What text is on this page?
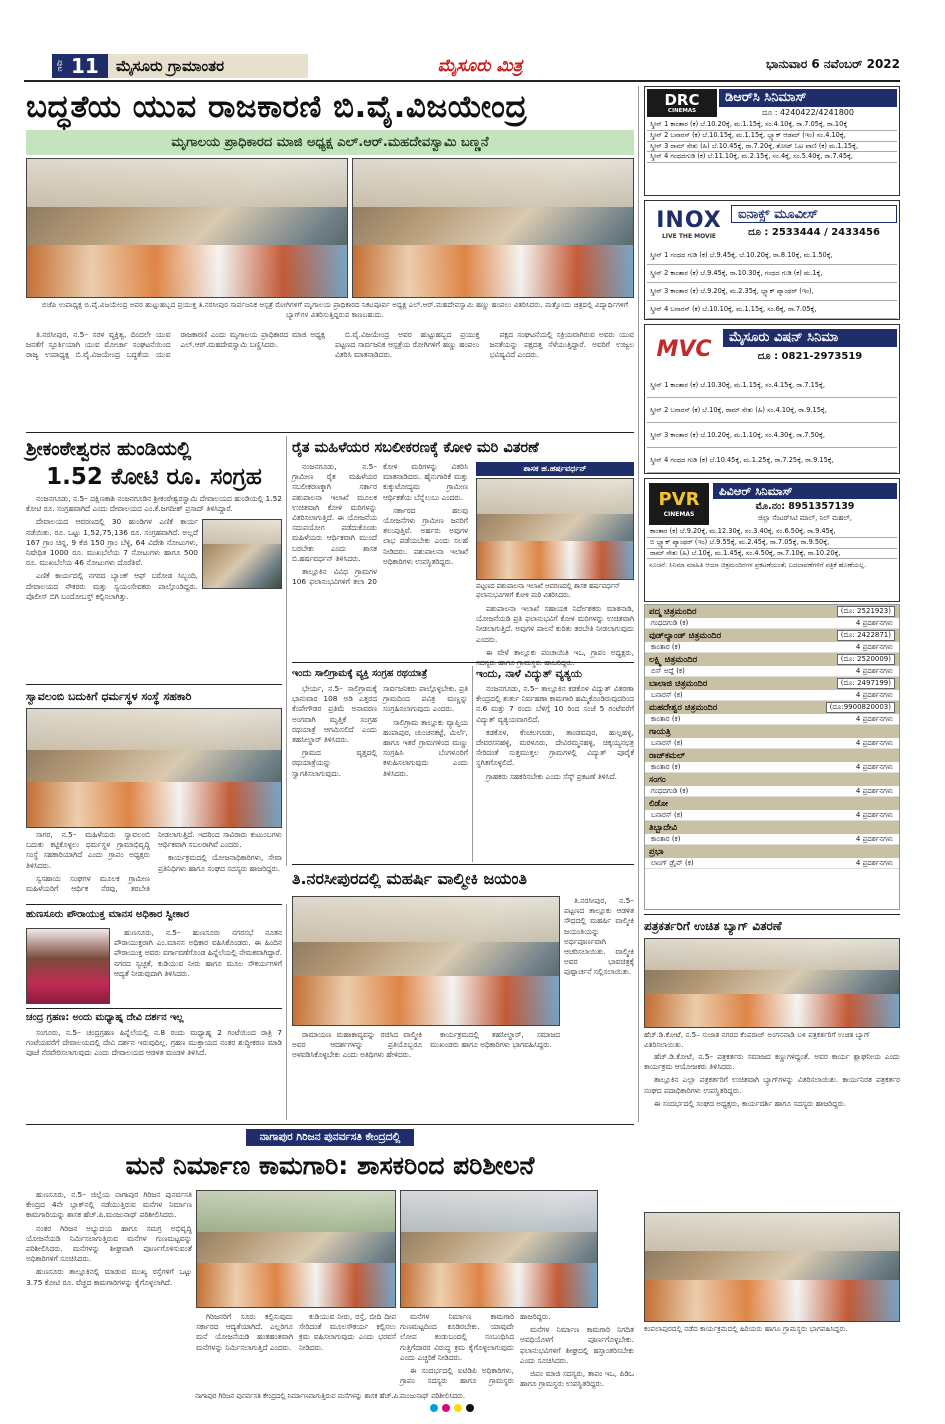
ಪುಟ 11 ಮೈಸೂರು ಗ್ರಾಮಾಂತರ	ಮೈಸೂರು ಮಿತ್ರ	ಭಾನುವಾರ 6 ನವೆಂಬರ್ 2022
ಬದ್ಧತೆಯ ಯುವ ರಾಜಕಾರಣಿ ಬಿ.ವೈ.ವಿಜಯೇಂದ್ರ
ಮೃಗಾಲಯ ಪ್ರಾಧಿಕಾರದ ಮಾಜಿ ಅಧ್ಯಕ್ಷ ಎಲ್.ಆರ್.ಮಹದೇವಸ್ವಾಮಿ ಬಣ್ಣನೆ
ಬಿಜೆಪಿ ಉಪಾಧ್ಯಕ್ಷ ಬಿ.ವೈ.ವಿಜಯೇಂದ್ರ ಅವರ ಹುಟ್ಟುಹಬ್ಬದ ಪ್ರಯುಕ್ತ ತಿ.ನರಸೀಪುರ ಸಾರ್ವಜನಿಕ ಆಸ್ಪತ್ರೆ ರೋಗಿಗಳಿಗೆ ಮೃಗಾಲಯ ಪ್ರಾಧಿಕಾರದ ನಿಕಟಪೂರ್ವ ಅಧ್ಯಕ್ಷ ಎಲ್.ಆರ್.ಮಹದೇವಸ್ವಾಮಿ ಹಣ್ಣು ಹಂಪಲು ವಿತರಿಸಿದರು. ಮತ್ತೊಂದು ಚಿತ್ರದಲ್ಲಿ ವಿದ್ಯಾರ್ಥಿಗಳಿಗೆ ಬ್ಯಾಗ್‌ಗಳ ವಿತರಿಸುತ್ತಿದ್ದರುವ ಕಾಣಬಹುದು.

ತಿ.ನರಸೀಪುರ, ನ.5– ಸರಳ ವ್ಯಕ್ತಿತ್ವ, ದಿಂದಲೇ ಯುವ ಜನತೆಗೆ ಸ್ಫೂರ್ತಿಯಾಗಿ ಯುವ ಮೋರ್ಚಾ ಸಂಘಟನೆಯಿಂದ ರಾಜ್ಯ ಉಪಾಧ್ಯಕ್ಷ ಬಿ.ವೈ.ವಿಜಯೇಂದ್ರ ಬದ್ಧತೆಯ ಯುವ ರಾಜಕಾರಣಿ ಎಂದು ಮೃಗಾಲಯ ಪ್ರಾಧಿಕಾರದ ಮಾಜಿ ಅಧ್ಯಕ್ಷ ಎಲ್.ಆರ್.ಮಹದೇವಸ್ವಾಮಿ ಬಣ್ಣಿಸಿದರು.

ಬಿ.ವೈ.ವಿಜಯೇಂದ್ರ ಅವರ ಹುಟ್ಟುಹಬ್ಬದ ಪ್ರಯುಕ್ತ ಪಟ್ಟಣದ ಸಾರ್ವಜನಿಕ ಆಸ್ಪತ್ರೆಯ ರೋಗಿಗಳಿಗೆ ಹಣ್ಣು ಹಂಪಲು ವಿತರಿಸಿ ಮಾತನಾಡಿದರು.

ಪಕ್ಷದ ಸಂಘಟನೆಯಲ್ಲಿ ಸಕ್ರಿಯವಾಗಿರುವ ಅವರು ಯುವ ಜನತೆಯನ್ನು ಪಕ್ಷದತ್ತ ಸೆಳೆಯುತ್ತಿದ್ದಾರೆ. ಅವರಿಗೆ ಉಜ್ವಲ ಭವಿಷ್ಯವಿದೆ ಎಂದರು.

ಶ್ರೀಕಂಠೇಶ್ವರನ ಹುಂಡಿಯಲ್ಲಿ
1.52 ಕೋಟಿ ರೂ. ಸಂಗ್ರಹ

ನಂಜನಗೂಡು, ನ.5– ದಕ್ಷಿಣಕಾಶಿ ನಂಜನಗೂಡಿನ ಶ್ರೀಕಂಠೇಶ್ವರಸ್ವಾಮಿ ದೇವಾಲಯದ ಹುಂಡಿಯಲ್ಲಿ 1.52 ಕೋಟಿ ರೂ. ಸಂಗ್ರಹವಾಗಿದೆ ಎಂದು ದೇವಾಲಯದ ಎಂ.ಕೆ.ಜಗದೀಶ್ ಪ್ರಸಾದ್ ತಿಳಿಸಿದ್ದಾರೆ.

ದೇವಾಲಯದ ಆವರಣದಲ್ಲಿ 30 ಹುಂಡಿಗಳ ಎಣಿಕೆ ಕಾರ್ಯ ನಡೆಯಿತು. ರೂ. ಒಟ್ಟು 1,52,75,136 ರೂ. ಸಂಗ್ರಹವಾಗಿದೆ. ಅಲ್ಲದೆ 167 ಗ್ರಾಂ ಚಿನ್ನ, 9 ಕೆಜಿ 150 ಗ್ರಾಂ ಬೆಳ್ಳಿ, 64 ವಿದೇಶಿ ನೋಟುಗಳು, ನಿಷೇಧಿತ 1000 ರೂ. ಮುಖಬೆಲೆಯ 7 ನೋಟುಗಳು ಹಾಗೂ 500 ರೂ. ಮುಖಬೆಲೆಯ 46 ನೋಟುಗಳು ದೊರೆತಿವೆ.

ಎಣಿಕೆ ಕಾರ್ಯದಲ್ಲಿ ನಗರದ ಬ್ಯಾಂಕ್ ಆಫ್ ಬರೋಡ ಸಿಬ್ಬಂದಿ, ದೇವಾಲಯದ ನೌಕರರು ಮತ್ತು ಸ್ವಯಂಸೇವಕರು ಪಾಲ್ಗೊಂಡಿದ್ದರು. ಪೊಲೀಸ್ ಬಿಗಿ ಬಂದೋಬಸ್ತ್ ಕಲ್ಪಿಸಲಾಗಿತ್ತು.

ರೈತ ಮಹಿಳೆಯರ ಸಬಲೀಕರಣಕ್ಕೆ ಕೋಳಿ ಮರಿ ವಿತರಣೆ

ನಂಜನಗೂಡು, ನ.5– ಗ್ರಾಮೀಣ ರೈತ ಮಹಿಳೆಯರ ಸಬಲೀಕರಣಕ್ಕಾಗಿ ಸರ್ಕಾರ ಪಶುಪಾಲನಾ ಇಲಾಖೆ ಮೂಲಕ ಉಚಿತವಾಗಿ ಕೋಳಿ ಮರಿಗಳನ್ನು ವಿತರಿಸಲಾಗುತ್ತಿದೆ. ಈ ಯೋಜನೆಯ ಸದುಪಯೋಗ ಪಡೆದುಕೊಂಡು ಮಹಿಳೆಯರು ಆರ್ಥಿಕವಾಗಿ ಮುಂದೆ ಬರಬೇಕು ಎಂದು ಶಾಸಕ ಬಿ.ಹರ್ಷವರ್ಧನ್ ತಿಳಿಸಿದರು.

ತಾಲ್ಲೂಕಿನ ವಿವಿಧ ಗ್ರಾಮಗಳ 106 ಫಲಾನುಭವಿಗಳಿಗೆ ತಲಾ 20 ಕೋಳಿ ಮರಿಗಳನ್ನು ವಿತರಿಸಿ ಮಾತನಾಡಿದರು. ಹೈನುಗಾರಿಕೆ ಮತ್ತು ಕುಕ್ಕುಟೋದ್ಯಮ ಗ್ರಾಮೀಣ ಆರ್ಥಿಕತೆಯ ಬೆನ್ನೆಲುಬು ಎಂದರು.

ಸರ್ಕಾರದ ಹಲವು ಯೋಜನೆಗಳು ಗ್ರಾಮೀಣ ಜನರಿಗೆ ತಲುಪುತ್ತಿವೆ. ಅರ್ಹರು ಅವುಗಳ ಲಾಭ ಪಡೆಯಬೇಕು ಎಂದು ಸಲಹೆ ನೀಡಿದರು. ಪಶುಪಾಲನಾ ಇಲಾಖೆ ಅಧಿಕಾರಿಗಳು ಉಪಸ್ಥಿತರಿದ್ದರು.

ಶಾಸಕ ಹ.ಹರ್ಷವರ್ಧನ್
ಪಟ್ಟಣದ ಪಶುಪಾಲನಾ ಇಲಾಖೆ ಆವರಣದಲ್ಲಿ ಶಾಸಕ ಹರ್ಷವರ್ಧನ್ ಫಲಾನುಭವಿಗಳಿಗೆ ಕೋಳಿ ಮರಿ ವಿತರಿಸಿದರು.

ಪಶುಪಾಲನಾ ಇಲಾಖೆ ಸಹಾಯಕ ನಿರ್ದೇಶಕರು ಮಾತನಾಡಿ, ಯೋಜನೆಯಡಿ ಪ್ರತಿ ಫಲಾನುಭವಿಗೆ ಕೋಳಿ ಮರಿಗಳನ್ನು ಉಚಿತವಾಗಿ ನೀಡಲಾಗುತ್ತಿದೆ. ಅವುಗಳ ಪಾಲನೆ ಕುರಿತು ತರಬೇತಿ ನೀಡಲಾಗುವುದು ಎಂದರು.

ಈ ವೇಳೆ ತಾಲ್ಲೂಕು ಪಂಚಾಯಿತಿ ಇಒ, ಗ್ರಾಪಂ ಅಧ್ಯಕ್ಷರು,

ಇಂದು ಸಾಲಿಗ್ರಾಮಕ್ಕೆ ವ್ಯಕ್ತಿ ಸಂಗ್ರಹ ರಥಯಾತ್ರೆ

ಭೇರ್ಯ, ನ.5– ಸಾಲಿಗ್ರಾಮಕ್ಕೆ ಭಾನುವಾರ 108 ಅಡಿ ಎತ್ತರದ ಕೆಂಪೇಗೌಡರ ಪ್ರತಿಮೆ ಅನಾವರಣ ಅಂಗವಾಗಿ ಮೃತ್ತಿಕೆ ಸಂಗ್ರಹ ರಥಯಾತ್ರೆ ಆಗಮಿಸಲಿದೆ ಎಂದು ತಹಸೀಲ್ದಾರ್ ತಿಳಿಸಿದರು.

ಗ್ರಾಮದ ವೃತ್ತದಲ್ಲಿ ರಥಯಾತ್ರೆಯನ್ನು ಸ್ವಾಗತಿಸಲಾಗುವುದು. ಸಾರ್ವಜನಿಕರು ಪಾಲ್ಗೊಳ್ಳಬೇಕು. ಪ್ರತಿ ಗ್ರಾಮದಿಂದ ಪವಿತ್ರ ಮಣ್ಣನ್ನು ಸಂಗ್ರಹಿಸಲಾಗುವುದು ಎಂದರು.

ಸಾಲಿಗ್ರಾಮ ತಾಲ್ಲೂಕು ವ್ಯಾಪ್ತಿಯ ಹಂಪಾಪುರ, ಚುಂಚನಕಟ್ಟೆ, ಮಿರ್ಲೆ, ಹಾಗೂ ಇತರೆ ಗ್ರಾಮಗಳಿಂದ ಮಣ್ಣು ಸಂಗ್ರಹಿಸಿ ಬೆಂಗಳೂರಿಗೆ ಕಳುಹಿಸಲಾಗುವುದು ಎಂದು ತಿಳಿಸಿದರು.

ಇಂದು, ನಾಳೆ ವಿದ್ಯುತ್ ವ್ಯತ್ಯಯ

ನಂಜನಗೂಡು, ನ.5– ತಾಲ್ಲೂಕಿನ ಕಡಕೊಳ ವಿದ್ಯುತ್ ವಿತರಣಾ ಕೇಂದ್ರದಲ್ಲಿ ತುರ್ತು ನಿರ್ವಹಣಾ ಕಾಮಗಾರಿ ಹಮ್ಮಿಕೊಂಡಿರುವುದರಿಂದ ನ.6 ಮತ್ತು 7 ರಂದು ಬೆಳಿಗ್ಗೆ 10 ರಿಂದ ಸಂಜೆ 5 ಗಂಟೆವರೆಗೆ ವಿದ್ಯುತ್ ವ್ಯತ್ಯಯವಾಗಲಿದೆ.

ಕಡಕೊಳ, ಕೆಂಚಲಗೂಡು, ತಾಂಡವಪುರ, ಹುಲ್ಲಹಳ್ಳಿ, ದೇವರಸನಹಳ್ಳಿ, ಮರಳೂರು, ದೇವಿರಮ್ಮನಹಳ್ಳಿ, ಚಿಕ್ಕಯ್ಯನಛತ್ರ ಸೇರಿದಂತೆ ಸುತ್ತಮುತ್ತಲ ಗ್ರಾಮಗಳಲ್ಲಿ ವಿದ್ಯುತ್ ಪೂರೈಕೆ ಸ್ಥಗಿತಗೊಳ್ಳಲಿದೆ.

ಗ್ರಾಹಕರು ಸಹಕರಿಸಬೇಕು ಎಂದು ಸೆಸ್ಕ್ ಪ್ರಕಟಣೆ ತಿಳಿಸಿದೆ.

ಸ್ವಾವಲಂಬಿ ಬದುಕಿಗೆ ಧರ್ಮಸ್ಥಳ ಸಂಸ್ಥೆ ಸಹಕಾರಿ

ಸಾಗರ, ನ.5– ಮಹಿಳೆಯರು ಸ್ವಾವಲಂಬಿ ಬದುಕು ಕಟ್ಟಿಕೊಳ್ಳಲು ಧರ್ಮಸ್ಥಳ ಗ್ರಾಮಾಭಿವೃದ್ಧಿ ಸಂಸ್ಥೆ ಸಹಕಾರಿಯಾಗಿದೆ ಎಂದು ಗ್ರಾಪಂ ಅಧ್ಯಕ್ಷರು ತಿಳಿಸಿದರು.

ಸ್ವಸಹಾಯ ಸಂಘಗಳ ಮೂಲಕ ಗ್ರಾಮೀಣ ಮಹಿಳೆಯರಿಗೆ ಆರ್ಥಿಕ ನೆರವು, ತರಬೇತಿ ನೀಡಲಾಗುತ್ತಿದೆ. ಇದರಿಂದ ಸಾವಿರಾರು ಕುಟುಂಬಗಳು ಆರ್ಥಿಕವಾಗಿ ಸಬಲರಾಗಿವೆ ಎಂದರು.

ಕಾರ್ಯಕ್ರಮದಲ್ಲಿ ಯೋಜನಾಧಿಕಾರಿಗಳು, ಸೇವಾ ಪ್ರತಿನಿಧಿಗಳು ಹಾಗೂ ಸಂಘದ ಸದಸ್ಯರು ಹಾಜರಿದ್ದರು.

ತಿ.ನರಸೀಪುರದಲ್ಲಿ ಮಹರ್ಷಿ ವಾಲ್ಮೀಕಿ ಜಯಂತಿ

ತಿ.ನರಸೀಪುರ, ನ.5– ಪಟ್ಟಣದ ತಾಲ್ಲೂಕು ಆಡಳಿತ ಸೌಧದಲ್ಲಿ ಮಹರ್ಷಿ ವಾಲ್ಮೀಕಿ ಜಯಂತಿಯನ್ನು ಅರ್ಥಪೂರ್ಣವಾಗಿ ಆಚರಿಸಲಾಯಿತು. ವಾಲ್ಮೀಕಿ ಅವರ ಭಾವಚಿತ್ರಕ್ಕೆ ಪುಷ್ಪಾರ್ಚನೆ ಸಲ್ಲಿಸಲಾಯಿತು.

ರಾಮಾಯಣ ಮಹಾಕಾವ್ಯವನ್ನು ರಚಿಸಿದ ವಾಲ್ಮೀಕಿ ಅವರ ಆದರ್ಶಗಳನ್ನು ಪ್ರತಿಯೊಬ್ಬರೂ ಅಳವಡಿಸಿಕೊಳ್ಳಬೇಕು ಎಂದು ಅತಿಥಿಗಳು ಹೇಳಿದರು.

ಕಾರ್ಯಕ್ರಮದಲ್ಲಿ ತಹಸೀಲ್ದಾರ್, ಸಮಾಜದ ಮುಖಂಡರು ಹಾಗೂ ಅಧಿಕಾರಿಗಳು ಭಾಗವಹಿಸಿದ್ದರು.

ಹುಣಸೂರು ಪೌರಾಯುಕ್ತ ಮಾನಸ ಅಧಿಕಾರ ಸ್ವೀಕಾರ
ಹುಣಸೂರು, ನ.5– ಹುಣಸೂರು ನಗರಸಭೆ ನೂತನ ಪೌರಾಯುಕ್ತರಾಗಿ ಎಂ.ಮಾನಸ ಅಧಿಕಾರ ವಹಿಸಿಕೊಂಡರು. ಈ ಹಿಂದಿನ ಪೌರಾಯುಕ್ತ ಅವರು ವರ್ಗಾವಣೆಗೊಂಡ ಹಿನ್ನೆಲೆಯಲ್ಲಿ ನೇಮಕವಾಗಿದ್ದಾರೆ. ನಗರದ ಸ್ವಚ್ಛತೆ, ಕುಡಿಯುವ ನೀರು ಹಾಗೂ ಮೂಲ ಸೌಕರ್ಯಗಳಿಗೆ ಆದ್ಯತೆ ನೀಡುವುದಾಗಿ ತಿಳಿಸಿದರು.
ಚಂದ್ರ ಗ್ರಹಣ: ಅಂದು ಮಧ್ಯಾಹ್ನ ದೇವಿ ದರ್ಶನ ಇಲ್ಲ
ಸಂಗೂರು, ನ.5– ಚಂದ್ರಗ್ರಹಣ ಹಿನ್ನೆಲೆಯಲ್ಲಿ ನ.8 ರಂದು ಮಧ್ಯಾಹ್ನ 2 ಗಂಟೆಯಿಂದ ರಾತ್ರಿ 7 ಗಂಟೆಯವರೆಗೆ ದೇವಾಲಯದಲ್ಲಿ ದೇವಿ ದರ್ಶನ ಇರುವುದಿಲ್ಲ. ಗ್ರಹಣ ಮುಕ್ತಾಯದ ನಂತರ ಶುದ್ಧೀಕರಣ ಮಾಡಿ ಪೂಜೆ ನೆರವೇರಿಸಲಾಗುವುದು ಎಂದು ದೇವಾಲಯದ ಆಡಳಿತ ಮಂಡಳಿ ತಿಳಿಸಿದೆ.
DRC
CINEMAS
ಡಿಆರ್‌ಸಿ ಸಿನಿಮಾಸ್
ದೂ : 4240422/4241800
ಸ್ಕ್ರೀನ್ 1 ಕಾಂತಾರ (ಕ) ಬೆ.10.20ಕ್ಕೆ, ಮ.1.15ಕ್ಕೆ, ಸಂ.4.10ಕ್ಕೆ, ರಾ.7.05ಕ್ಕೆ, ರಾ.10ಕ್ಕೆ
ಸ್ಕ್ರೀನ್ 2 ಬನಾರಸ್ (ಕ) ಬೆ.10.15ಕ್ಕೆ, ಮ.1.15ಕ್ಕೆ, ಬ್ಲ್ಯಾಕ್ ಆಡಮ್ (ಇಂ) ಸಂ.4.10ಕ್ಕೆ,
ಸ್ಕ್ರೀನ್ 3 ರಾಮ್ ಸೇತು (ಹಿ) ಬೆ.10.45ಕ್ಕೆ, ರಾ.7.20ಕ್ಕೆ, ತೋಟ್ ಓಟ ಪಾಣಿ (ಕ) ಮ.1.15ಕ್ಕೆ,
ಸ್ಕ್ರೀನ್ 4 ಗಂಧದಗುಡಿ (ಕ) ಬೆ.11.10ಕ್ಕೆ, ಮ.2.15ಕ್ಕೆ, ಸಂ.4ಕ್ಕೆ, ಸಂ.5.40ಕ್ಕೆ, ರಾ.7.45ಕ್ಕೆ,
INOX
LIVE THE MOVIE
ಐನಾಕ್ಸ್ ಮೂವೀಸ್
ದೂ : 2533444 / 2433456
ಸ್ಕ್ರೀನ್ 1 ಗಂಧದ ಗುಡಿ (ಕ) ಬೆ.9.45ಕ್ಕೆ, ಬೆ.10.20ಕ್ಕೆ, ರಾ.8.10ಕ್ಕೆ, ಮ.1.50ಕ್ಕೆ,
ಸ್ಕ್ರೀನ್ 2 ಕಾಂತಾರ (ಕ) ಬೆ.9.45ಕ್ಕೆ, ರಾ.10.30ಕ್ಕೆ, ಗಂಧದ ಗುಡಿ (ಕ) ಮ.1ಕ್ಕೆ,
ಸ್ಕ್ರೀನ್ 3 ಕಾಂತಾರ (ಕ) ಬೆ.9.20ಕ್ಕೆ, ಮ.2.35ಕ್ಕೆ, ಬ್ಲ್ಯಾಕ್ ಪ್ಯಾಂಥರ್ (ಇಂ),
ಸ್ಕ್ರೀನ್ 4 ಬನಾರಸ್ (ಕ) ಬೆ.10.10ಕ್ಕೆ, ಮ.1.15ಕ್ಕೆ, ಸಂ.6ಕ್ಕೆ, ರಾ.7.05ಕ್ಕೆ,
MVC	ಮೈಸೂರು ವಿಷನ್ ಸಿನಿಮಾ
ದೂ : 0821-2973519
ಸ್ಕ್ರೀನ್ 1 ಕಾಂತಾರ (ಕ) ಬೆ.10.30ಕ್ಕೆ, ಮ.1.15ಕ್ಕೆ, ಸಂ.4.15ಕ್ಕೆ, ರಾ.7.15ಕ್ಕೆ,
ಸ್ಕ್ರೀನ್ 2 ಬನಾರಸ್ (ಕ) ಬೆ.10ಕ್ಕೆ, ರಾಮ್ ಸೇತು (ಹಿ) ಸಂ.4.10ಕ್ಕೆ, ರಾ.9.15ಕ್ಕೆ,
ಸ್ಕ್ರೀನ್ 3 ಕಾಂತಾರ (ಕ) ಬೆ.10.20ಕ್ಕೆ, ಮ.1.10ಕ್ಕೆ, ಸಂ.4.30ಕ್ಕೆ, ರಾ.7.50ಕ್ಕೆ,
ಸ್ಕ್ರೀನ್ 4 ಗಂಧದ ಗುಡಿ (ಕ) ಬೆ.10.45ಕ್ಕೆ, ಮ.1.25ಕ್ಕೆ, ರಾ.7.25ಕ್ಕೆ, ರಾ.9.15ಕ್ಕೆ,
PVR
CINEMAS
ಪಿವಿಆರ್ ಸಿನಿಮಾಸ್
ಮೊ.ನಂ: 8951357139
ಜಿಲ್ಲಾ ಸೆಂಟರ್‌ಸಿಟಿ ಮಾಲ್, ನಿಲ್ ಮಹಲ್,
ಕಾಂತಾರ (ಕ) ಬೆ.9.20ಕ್ಕೆ, ಮ.12.30ಕ್ಕೆ, ಸಂ.3.40ಕ್ಕೆ, ಸಂ.6.50ಕ್ಕೆ, ರಾ.9.45ಕ್ಕೆ,
ಬಿ ಬ್ಲ್ಯಾಕ್ ಪ್ಯಾಂಥರ್ (ಇಂ) ಬೆ.9.55ಕ್ಕೆ, ಮ.2.45ಕ್ಕೆ, ರಾ.7.05ಕ್ಕೆ, ರಾ.9.50ಕ್ಕೆ,
ರಾಮ್ ಸೇತು (ಹಿ) ಬೆ.10ಕ್ಕೆ, ಮ.1.45ಕ್ಕೆ, ಸಂ.4.50ಕ್ಕೆ, ರಾ.7.10ಕ್ಕೆ, ರಾ.10.20ಕ್ಕೆ,
ಸೂಚನೆ: ಸಿನಿಮಾ ಮಾಹಿತಿ ಆಯಾ ಚಿತ್ರಮಂದಿರಗಳ ಪ್ರಕಟಣೆಯಂತೆ; ಬದಲಾವಣೆಗಳಿಗೆ ಪತ್ರಿಕೆ ಹೊಣೆಯಲ್ಲ.
ಪದ್ಮ ಚಿತ್ರಮಂದಿರ	(ದೂ: 2521923)
ಗಂಧದಗುಡಿ (ಕ)	4 ಪ್ರದರ್ಶನಗಳು
ವುಡ್‌ಲ್ಯಾಂಡ್ ಚಿತ್ರಮಂದಿರ	(ದೂ: 2422871)
ಕಾಂತಾರ (ಕ)	4 ಪ್ರದರ್ಶನಗಳು
ಲಕ್ಷ್ಮಿ ಚಿತ್ರಮಂದಿರ	(ದೂ: 2520009)
ಬಿಸ್ ಅದ್ದೆ (ಕ)	4 ಪ್ರದರ್ಶನಗಳು
ಬಾಲಾಜಿ ಚಿತ್ರಮಂದಿರ	(ದೂ: 2497199)
ಬನಾರಸ್ (ಕ)	4 ಪ್ರದರ್ಶನಗಳು
ಮಹದೇಶ್ವರ ಚಿತ್ರಮಂದಿರ	(ದೂ:9900820003)
ಕಾಂತಾರ (ಕ)	4 ಪ್ರದರ್ಶನಗಳು
ಗಾಯತ್ರಿ
ಬನಾರಸ್ (ಕ)	4 ಪ್ರದರ್ಶನಗಳು
ರಾಜ್‌ಕಮಲ್
ಕಾಂತಾರ (ಕ)	4 ಪ್ರದರ್ಶನಗಳು
ಸಂಗಂ
ಗಂಧದಗುಡಿ (ಕ)	4 ಪ್ರದರ್ಶನಗಳು
ಲಿಡೋ
ಬನಾರಸ್ (ಕ)	4 ಪ್ರದರ್ಶನಗಳು
ತಿಬ್ಬಾದೇವಿ
ಕಾಂತಾರ (ಕ)	4 ಪ್ರದರ್ಶನಗಳು
ಪ್ರಭಾ
ಲಾಂಗ್ ಡ್ರೈವ್ (ಕ)	4 ಪ್ರದರ್ಶನಗಳು
ಪತ್ರಕರ್ತರಿಗೆ ಉಚಿತ ಬ್ಯಾಗ್ ವಿತರಣೆ
ಹೆಚ್.ಡಿ.ಕೋಟೆ, ನ.5– ಸುಜಾತ ನಗರದ ಕೆಂಪರಾಜ್ ಅಂಗನವಾಡಿ ಬಳಿ ಪತ್ರಕರ್ತರಿಗೆ ಉಚಿತ ಬ್ಯಾಗ್ ವಿತರಿಸಲಾಯಿತು.

ಹೆಚ್.ಡಿ.ಕೋಟೆ, ನ.5– ಪತ್ರಕರ್ತರು ಸಮಾಜದ ಕಣ್ಣುಗಳಿದ್ದಂತೆ. ಅವರ ಕಾರ್ಯ ಶ್ಲಾಘನೀಯ ಎಂದು ಕಾರ್ಯಕ್ರಮ ಆಯೋಜಕರು ತಿಳಿಸಿದರು.

ತಾಲ್ಲೂಕಿನ ಎಲ್ಲಾ ಪತ್ರಕರ್ತರಿಗೆ ಉಚಿತವಾಗಿ ಬ್ಯಾಗ್‌ಗಳನ್ನು ವಿತರಿಸಲಾಯಿತು. ಕಾರ್ಯನಿರತ ಪತ್ರಕರ್ತರ ಸಂಘದ ಪದಾಧಿಕಾರಿಗಳು ಉಪಸ್ಥಿತರಿದ್ದರು.

ಈ ಸಂದರ್ಭದಲ್ಲಿ ಸಂಘದ ಅಧ್ಯಕ್ಷರು, ಕಾರ್ಯದರ್ಶಿ ಹಾಗೂ ಸದಸ್ಯರು ಹಾಜರಿದ್ದರು.

ಕಂಪಲಾಪುರದಲ್ಲಿ ನಡೆದ ಕಾರ್ಯಕ್ರಮದಲ್ಲಿ ಹಿರಿಯರು ಹಾಗೂ ಗ್ರಾಮಸ್ಥರು ಭಾಗವಹಿಸಿದ್ದರು.
ನಾಗಾಪುರ ಗಿರಿಜನ ಪುನರ್ವಸತಿ ಕೇಂದ್ರದಲ್ಲಿ
ಮನೆ ನಿರ್ಮಾಣ ಕಾಮಗಾರಿ: ಶಾಸಕರಿಂದ ಪರಿಶೀಲನೆ

ಹುಣಸೂರು, ನ.5– ಜಿಲ್ಲೆಯ ನಾಗಾಪುರ ಗಿರಿಜನ ಪುನರ್ವಸತಿ ಕೇಂದ್ರದ 4ನೇ ಬ್ಲಾಕ್‌ನಲ್ಲಿ ನಡೆಯುತ್ತಿರುವ ಮನೆಗಳ ನಿರ್ಮಾಣ ಕಾಮಗಾರಿಯನ್ನು ಶಾಸಕ ಹೆಚ್.ಪಿ.ಮಂಜುನಾಥ್ ಪರಿಶೀಲಿಸಿದರು.

ನಂತರ ಗಿರಿಜನ ಅಭ್ಯುದಯ ಹಾಗೂ ಸಮಗ್ರ ಅಭಿವೃದ್ಧಿ ಯೋಜನೆಯಡಿ ನಿರ್ಮಿಸಲಾಗುತ್ತಿರುವ ಮನೆಗಳ ಗುಣಮಟ್ಟವನ್ನು ಪರಿಶೀಲಿಸಿದರು. ಮನೆಗಳನ್ನು ಶೀಘ್ರವಾಗಿ ಪೂರ್ಣಗೊಳಿಸುವಂತೆ ಅಧಿಕಾರಿಗಳಿಗೆ ಸೂಚಿಸಿದರು.

ಹುಣಸೂರು ತಾಲ್ಲೂಕಿನಲ್ಲಿ ಮಾಡುವ ಮುಖ್ಯ ರಸ್ತೆಗಳಿಗೆ ಒಟ್ಟು 3.75 ಕೋಟಿ ರೂ. ವೆಚ್ಚದ ಕಾಮಗಾರಿಗಳನ್ನು ಕೈಗೊಳ್ಳಲಾಗಿದೆ.

ಗಿರಿಜನರಿಗೆ ಸೂರು ಕಲ್ಪಿಸುವುದು ಸರ್ಕಾರದ ಆದ್ಯತೆಯಾಗಿದೆ. ಎಲ್ಲರಿಗೂ ಮನೆ ಯೋಜನೆಯಡಿ ಹಂತಹಂತವಾಗಿ ಮನೆಗಳನ್ನು ನಿರ್ಮಿಸಲಾಗುತ್ತಿದೆ ಎಂದರು.

ಕುಡಿಯುವ ನೀರು, ರಸ್ತೆ, ಬೀದಿ ದೀಪ ಸೇರಿದಂತೆ ಮೂಲಸೌಕರ್ಯ ಕಲ್ಪಿಸಲು ಕ್ರಮ ವಹಿಸಲಾಗುವುದು ಎಂದು ಭರವಸೆ ನೀಡಿದರು.

ಮನೆಗಳ ನಿರ್ಮಾಣ ಕಾಮಗಾರಿ ಗುಣಮಟ್ಟದಿಂದ ಕೂಡಿರಬೇಕು. ಯಾವುದೇ ಲೋಪ ಕಂಡುಬಂದಲ್ಲಿ ಸಂಬಂಧಿಸಿದ ಗುತ್ತಿಗೆದಾರರ ವಿರುದ್ಧ ಕ್ರಮ ಕೈಗೊಳ್ಳಲಾಗುವುದು ಎಂದು ಎಚ್ಚರಿಕೆ ನೀಡಿದರು.

ಈ ಸಂದರ್ಭದಲ್ಲಿ ಐಟಿಡಿಪಿ ಅಧಿಕಾರಿಗಳು, ಗ್ರಾಪಂ ಸದಸ್ಯರು ಹಾಗೂ ಗ್ರಾಮಸ್ಥರು ಹಾಜರಿದ್ದರು.

ಮನೆಗಳ ನಿರ್ಮಾಣ ಕಾಮಗಾರಿ ನಿಗದಿತ ಅವಧಿಯೊಳಗೆ ಪೂರ್ಣಗೊಳ್ಳಬೇಕು. ಫಲಾನುಭವಿಗಳಿಗೆ ಶೀಘ್ರದಲ್ಲಿ ಹಸ್ತಾಂತರಿಸಬೇಕು ಎಂದು ಸೂಚಿಸಿದರು.

ಜಿಪಂ ಮಾಜಿ ಸದಸ್ಯರು, ತಾಪಂ ಇಒ, ಪಿಡಿಒ ಹಾಗೂ ಗ್ರಾಮಸ್ಥರು ಉಪಸ್ಥಿತರಿದ್ದರು.

ನಾಗಾಪುರ ಗಿರಿಜನ ಪುನರ್ವಸತಿ ಕೇಂದ್ರದಲ್ಲಿ ನಿರ್ಮಾಣವಾಗುತ್ತಿರುವ ಮನೆಗಳನ್ನು ಶಾಸಕ ಹೆಚ್.ಪಿ.ಮಂಜುನಾಥ್ ಪರಿಶೀಲಿಸಿದರು.
